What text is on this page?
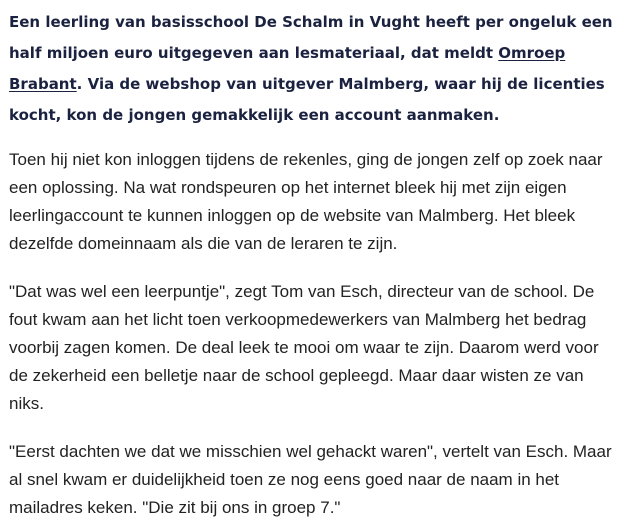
Een leerling van basisschool De Schalm in Vught heeft per ongeluk een half miljoen euro uitgegeven aan lesmateriaal, dat meldt Omroep Brabant. Via de webshop van uitgever Malmberg, waar hij de licenties kocht, kon de jongen gemakkelijk een account aanmaken.

Toen hij niet kon inloggen tijdens de rekenles, ging de jongen zelf op zoek naar een oplossing. Na wat rondspeuren op het internet bleek hij met zijn eigen leerlingaccount te kunnen inloggen op de website van Malmberg. Het bleek dezelfde domeinnaam als die van de leraren te zijn.

"Dat was wel een leerpuntje", zegt Tom van Esch, directeur van de school. De fout kwam aan het licht toen verkoopmedewerkers van Malmberg het bedrag voorbij zagen komen. De deal leek te mooi om waar te zijn. Daarom werd voor de zekerheid een belletje naar de school gepleegd. Maar daar wisten ze van niks.

"Eerst dachten we dat we misschien wel gehackt waren", vertelt van Esch. Maar al snel kwam er duidelijkheid toen ze nog eens goed naar de naam in het mailadres keken. "Die zit bij ons in groep 7."
